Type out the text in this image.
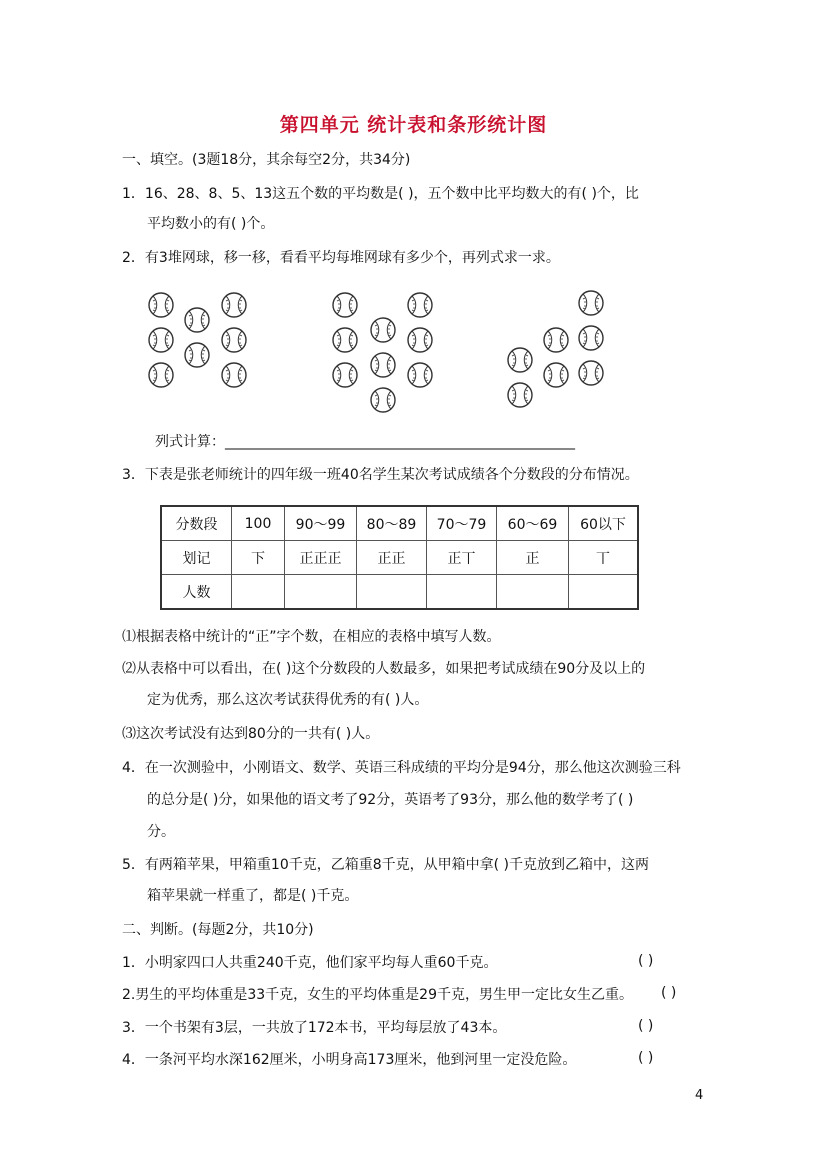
第四单元 统计表和条形统计图
一、填空。(3题18分，其余每空2分，共34分)
1．16、28、8、5、13这五个数的平均数是( )，五个数中比平均数大的有( )个，比
平均数小的有( )个。
2．有3堆网球，移一移，看看平均每堆网球有多少个，再列式求一求。
列式计算：__________________________________________________
3．下表是张老师统计的四年级一班40名学生某次考试成绩各个分数段的分布情况。
分数段	100	90～99	80～89	70～79	60～69	60以下
划记	下	正正正	正正	正丅	正	丅
人数						
⑴根据表格中统计的“正”字个数，在相应的表格中填写人数。
⑵从表格中可以看出，在( )这个分数段的人数最多，如果把考试成绩在90分及以上的
定为优秀，那么这次考试获得优秀的有( )人。
⑶这次考试没有达到80分的一共有( )人。
4．在一次测验中，小刚语文、数学、英语三科成绩的平均分是94分，那么他这次测验三科
的总分是( )分，如果他的语文考了92分，英语考了93分，那么他的数学考了( )
分。
5．有两箱苹果，甲箱重10千克，乙箱重8千克，从甲箱中拿( )千克放到乙箱中，这两
箱苹果就一样重了，都是( )千克。
二、判断。(每题2分，共10分)
1．小明家四口人共重240千克，他们家平均每人重60千克。	( )
2.男生的平均体重是33千克，女生的平均体重是29千克，男生甲一定比女生乙重。 ( )
3．一个书架有3层，一共放了172本书，平均每层放了43本。	( )
4．一条河平均水深162厘米，小明身高173厘米，他到河里一定没危险。	( )
4
